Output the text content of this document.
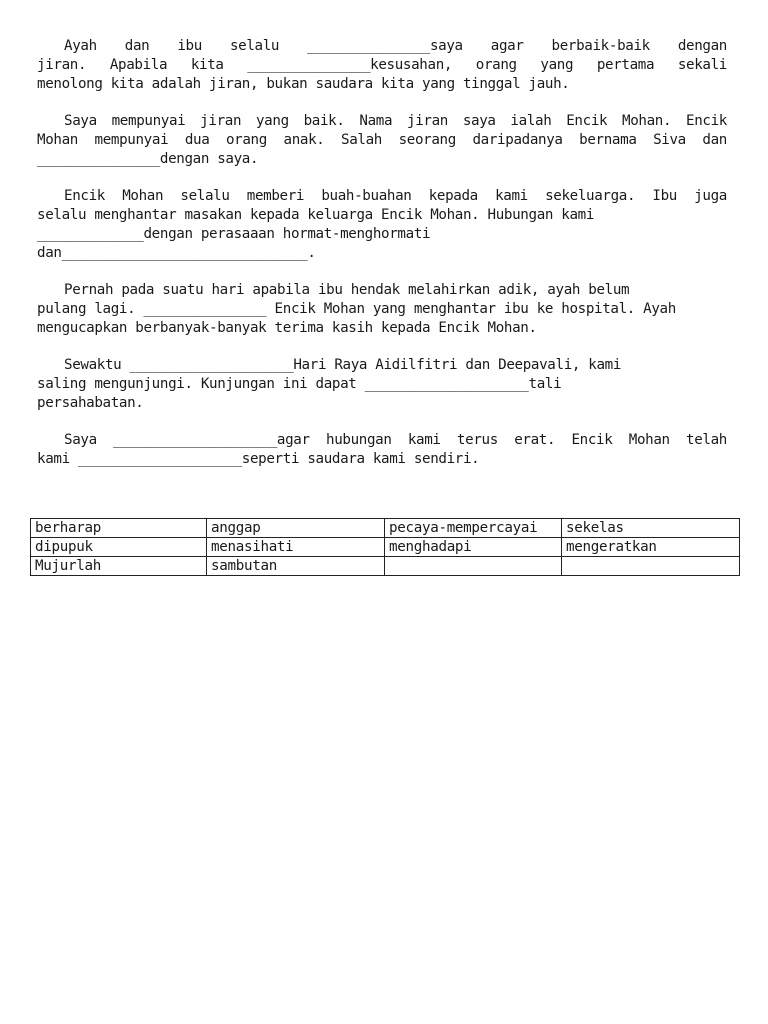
Ayah dan ibu selalu _______________saya agar berbaik-baik dengan
jiran. Apabila kita _______________kesusahan, orang yang pertama sekali
menolong kita adalah jiran, bukan saudara kita yang tinggal jauh.

Saya mempunyai jiran yang baik. Nama jiran saya ialah Encik Mohan. Encik
Mohan mempunyai dua orang anak. Salah seorang daripadanya bernama Siva dan
_______________dengan saya.

Encik Mohan selalu memberi buah-buahan kepada kami sekeluarga. Ibu juga
selalu menghantar masakan kepada keluarga Encik Mohan. Hubungan kami
_____________dengan perasaaan hormat-menghormati
dan______________________________.

Pernah pada suatu hari apabila ibu hendak melahirkan adik, ayah belum
pulang lagi. _______________ Encik Mohan yang menghantar ibu ke hospital. Ayah
mengucapkan berbanyak-banyak terima kasih kepada Encik Mohan.

Sewaktu ____________________Hari Raya Aidilfitri dan Deepavali, kami
saling mengunjungi. Kunjungan ini dapat ____________________tali
persahabatan.

Saya ____________________agar hubungan kami terus erat. Encik Mohan telah
kami ____________________seperti saudara kami sendiri.

berharap	anggap	pecaya-mempercayai	sekelas
dipupuk	menasihati	menghadapi	mengeratkan
Mujurlah	sambutan		
